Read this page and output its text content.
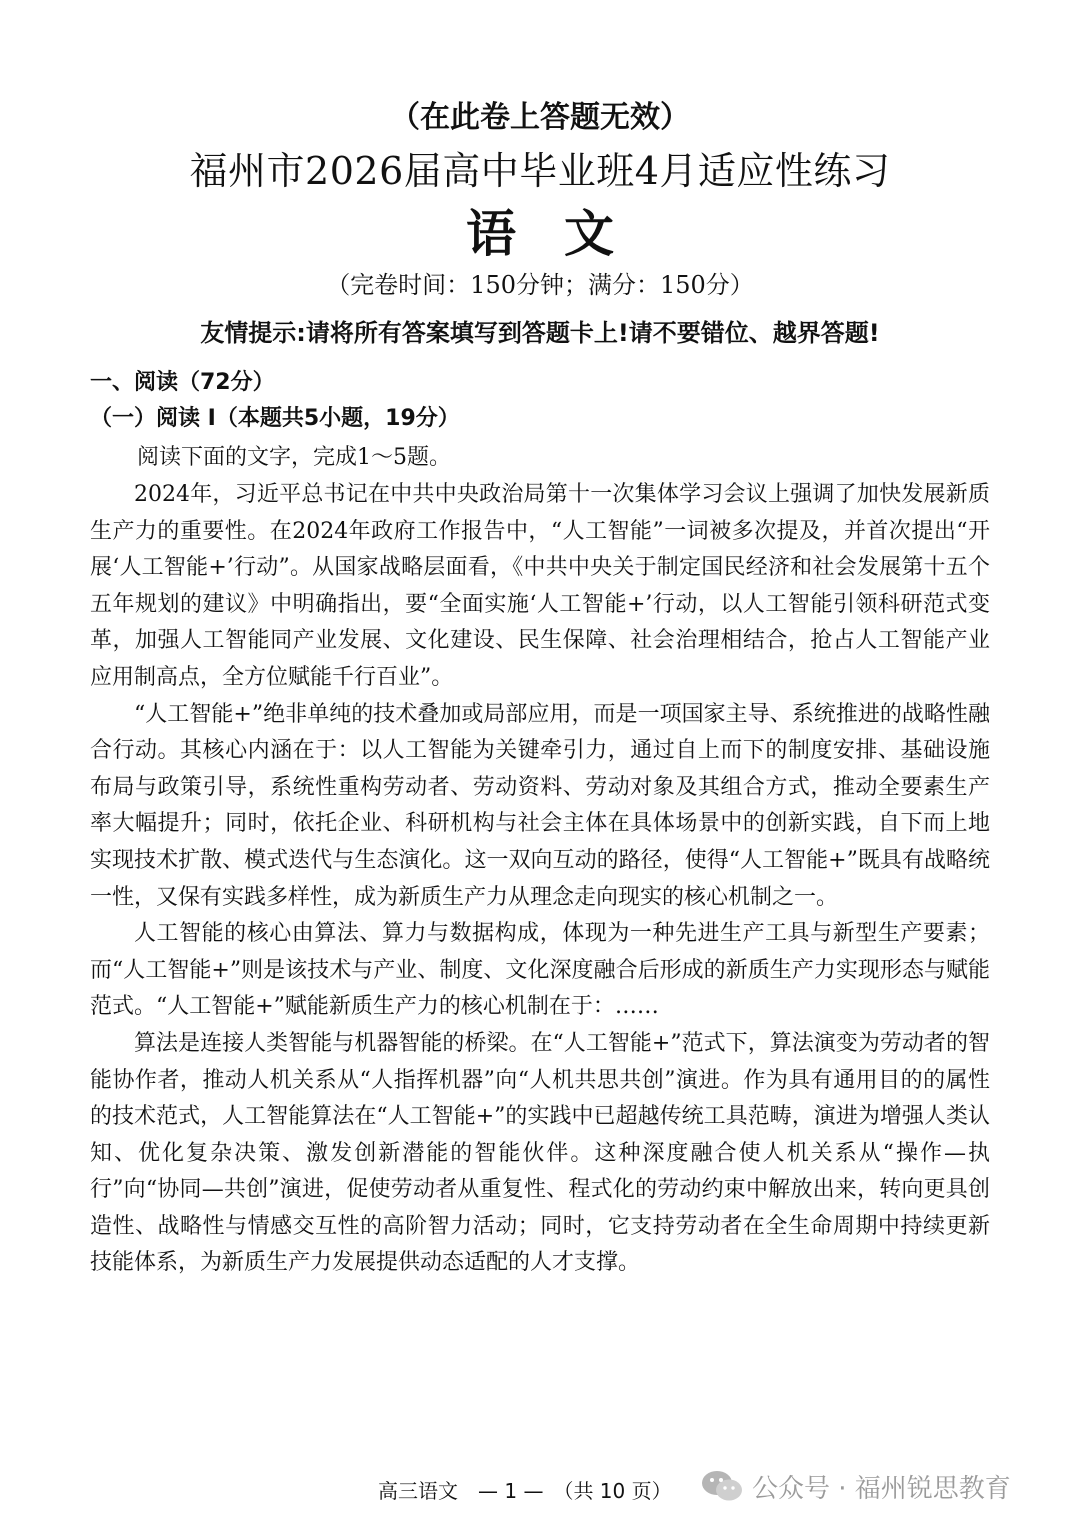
（在此卷上答题无效）
福州市2026届高中毕业班4月适应性练习
语文
（完卷时间：150分钟；满分：150分）
友情提示:请将所有答案填写到答题卡上!请不要错位、越界答题!
一、阅读（72分）
（一）阅读 I（本题共5小题，19分）
阅读下面的文字，完成1～5题。

2024年，习近平总书记在中共中央政治局第十一次集体学习会议上强调了加快发展新质生产力的重要性。在2024年政府工作报告中，“人工智能”一词被多次提及，并首次提出“开展‘人工智能+’行动”。从国家战略层面看，《中共中央关于制定国民经济和社会发展第十五个五年规划的建议》中明确指出，要“全面实施‘人工智能+’行动，以人工智能引领科研范式变革，加强人工智能同产业发展、文化建设、民生保障、社会治理相结合，抢占人工智能产业应用制高点，全方位赋能千行百业”。

“人工智能+”绝非单纯的技术叠加或局部应用，而是一项国家主导、系统推进的战略性融合行动。其核心内涵在于：以人工智能为关键牵引力，通过自上而下的制度安排、基础设施布局与政策引导，系统性重构劳动者、劳动资料、劳动对象及其组合方式，推动全要素生产率大幅提升；同时，依托企业、科研机构与社会主体在具体场景中的创新实践，自下而上地实现技术扩散、模式迭代与生态演化。这一双向互动的路径，使得“人工智能+”既具有战略统一性，又保有实践多样性，成为新质生产力从理念走向现实的核心机制之一。

人工智能的核心由算法、算力与数据构成，体现为一种先进生产工具与新型生产要素；而“人工智能+”则是该技术与产业、制度、文化深度融合后形成的新质生产力实现形态与赋能范式。“人工智能+”赋能新质生产力的核心机制在于：……

算法是连接人类智能与机器智能的桥梁。在“人工智能+”范式下，算法演变为劳动者的智能协作者，推动人机关系从“人指挥机器”向“人机共思共创”演进。作为具有通用目的的属性的技术范式，人工智能算法在“人工智能+”的实践中已超越传统工具范畴，演进为增强人类认知、优化复杂决策、激发创新潜能的智能伙伴。这种深度融合使人机关系从“操作—执行”向“协同—共创”演进，促使劳动者从重复性、程式化的劳动约束中解放出来，转向更具创造性、战略性与情感交互性的高阶智力活动；同时，它支持劳动者在全生命周期中持续更新技能体系，为新质生产力发展提供动态适配的人才支撑。

高三语文　— 1 —　（共 10 页）	公众号 · 福州锐思教育
